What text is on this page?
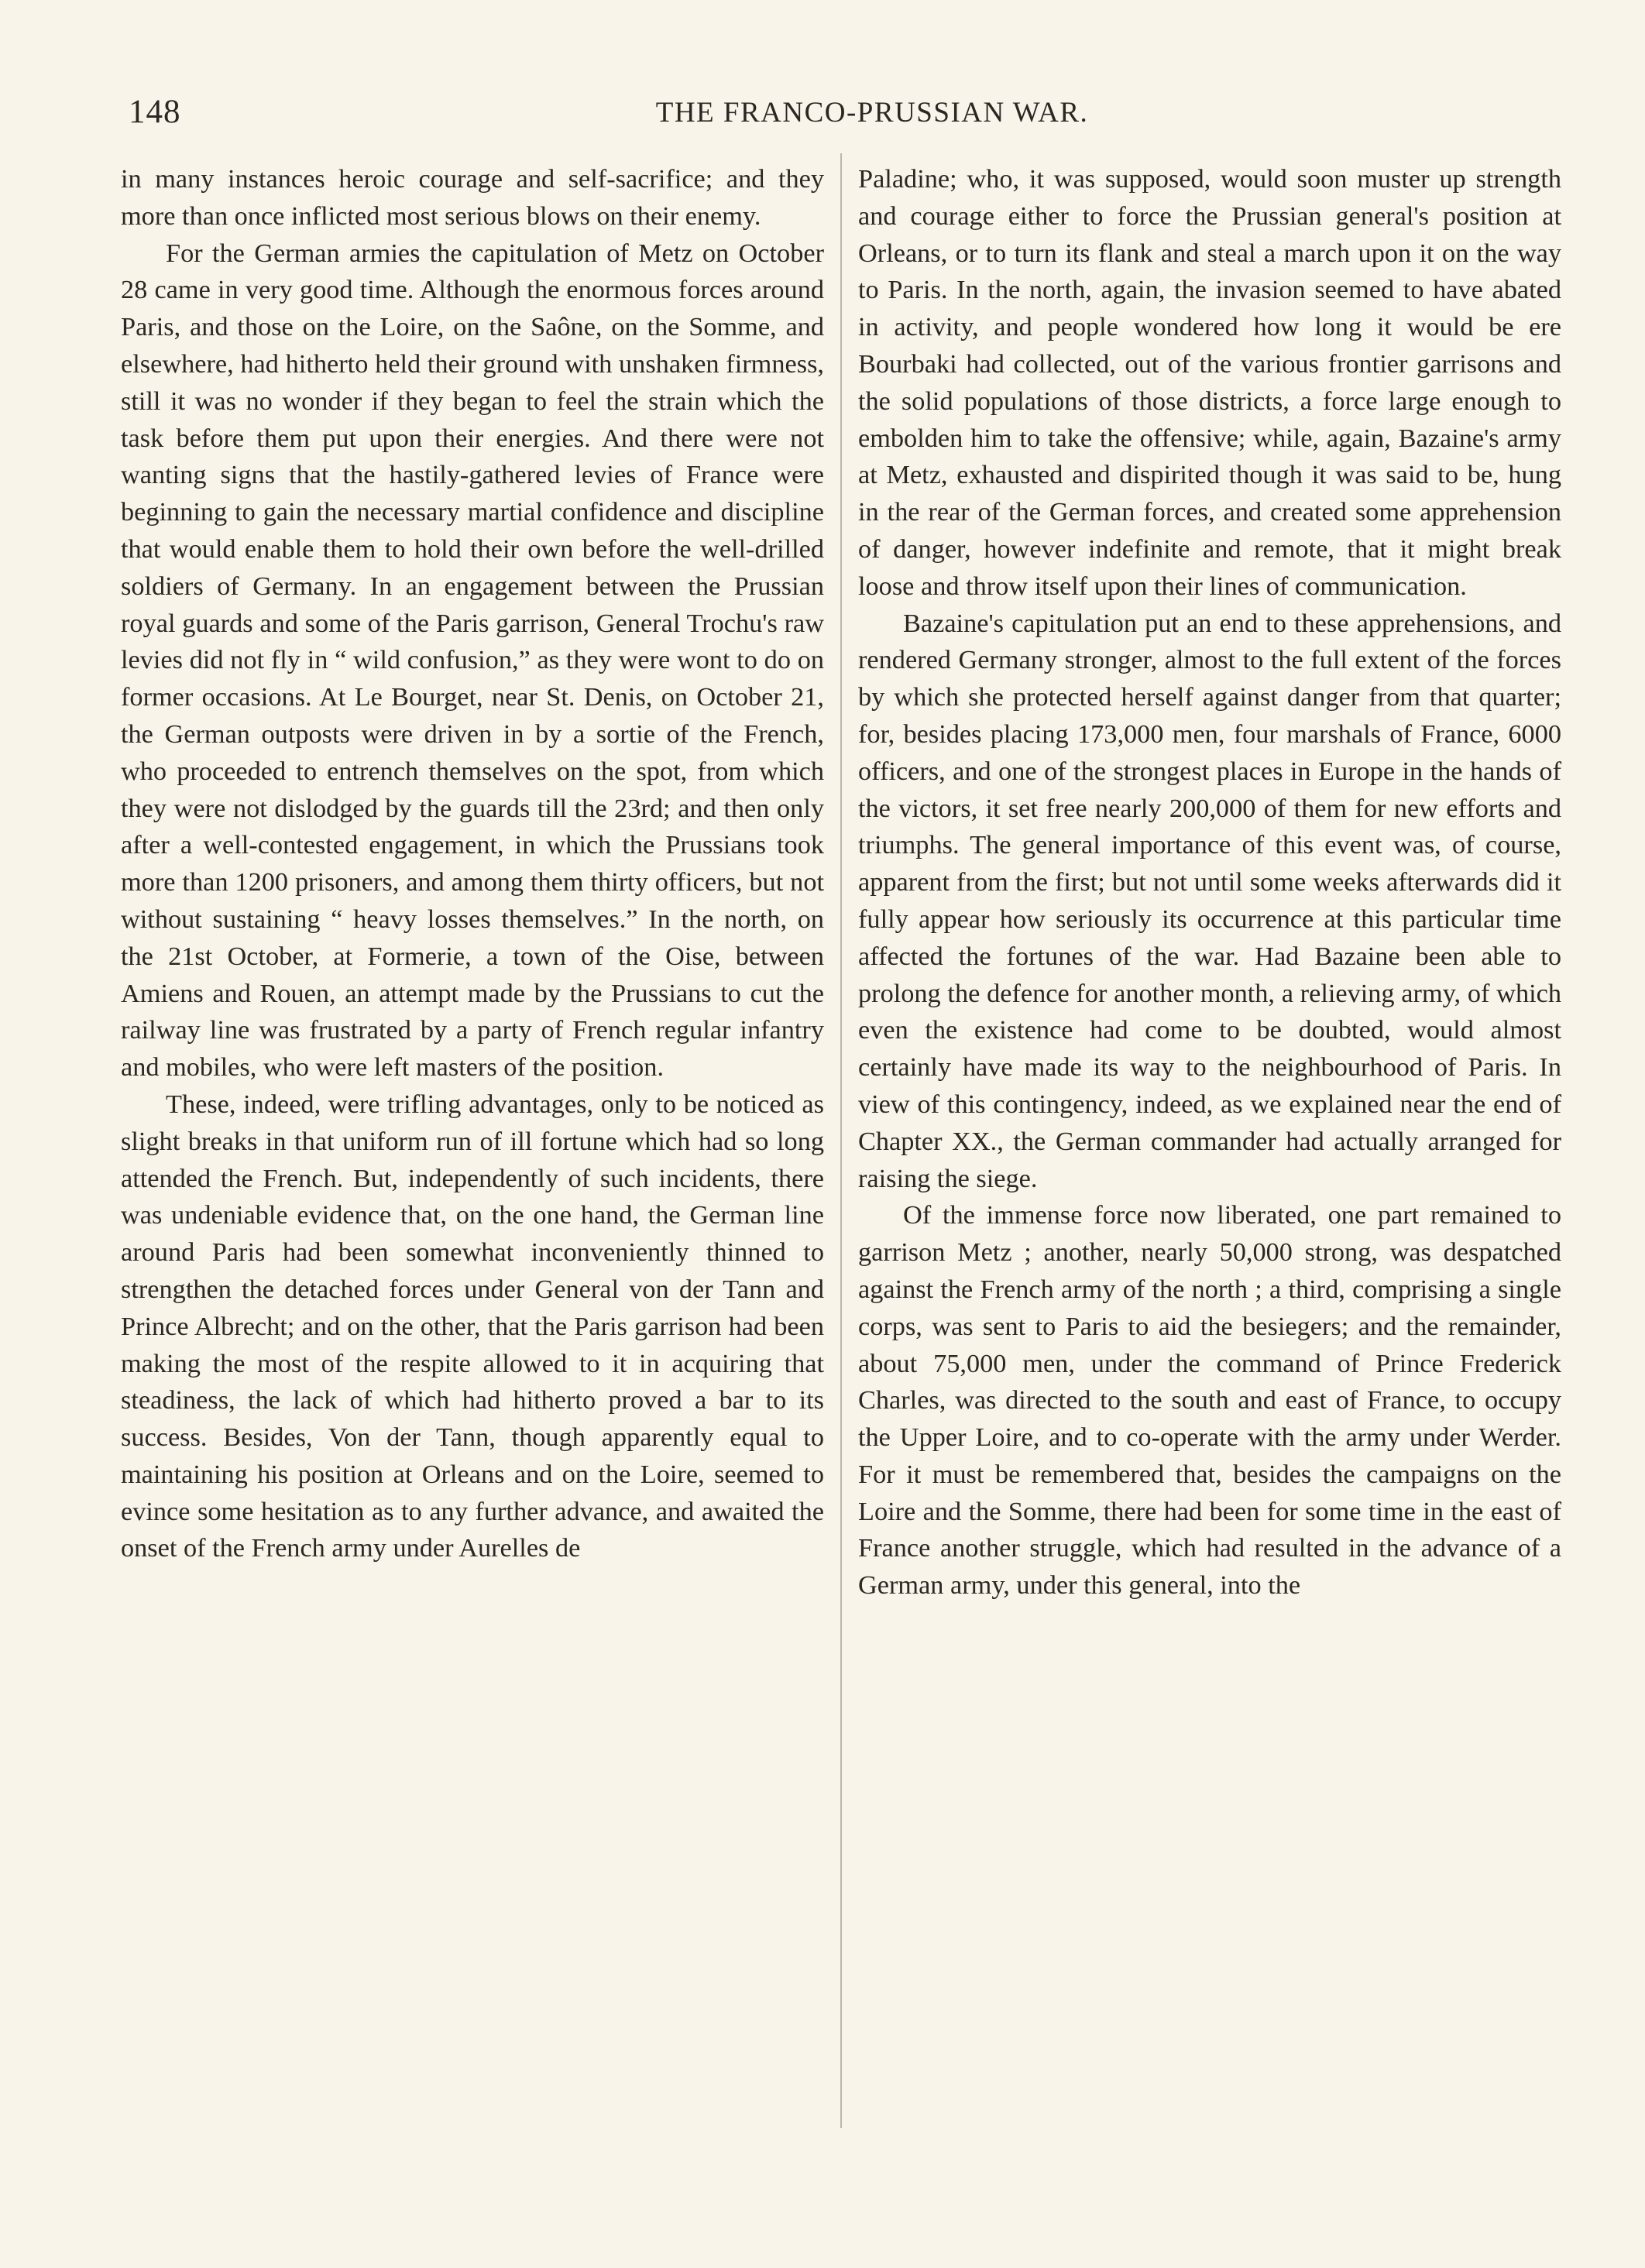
148	THE FRANCO-PRUSSIAN WAR.

in many instances heroic courage and self-sacrifice; and they more than once inflicted most serious blows on their enemy.

For the German armies the capitulation of Metz on October 28 came in very good time. Although the enormous forces around Paris, and those on the Loire, on the Saône, on the Somme, and elsewhere, had hitherto held their ground with unshaken firmness, still it was no wonder if they began to feel the strain which the task before them put upon their energies. And there were not wanting signs that the hastily-gathered levies of France were beginning to gain the necessary martial confidence and discipline that would enable them to hold their own before the well-drilled soldiers of Germany. In an engagement between the Prussian royal guards and some of the Paris garrison, General Trochu's raw levies did not fly in “ wild confusion,” as they were wont to do on former occasions. At Le Bourget, near St. Denis, on October 21, the German outposts were driven in by a sortie of the French, who proceeded to entrench themselves on the spot, from which they were not dislodged by the guards till the 23rd; and then only after a well-contested engagement, in which the Prussians took more than 1200 prisoners, and among them thirty officers, but not without sustaining “ heavy losses themselves.” In the north, on the 21st October, at Formerie, a town of the Oise, between Amiens and Rouen, an attempt made by the Prussians to cut the railway line was frustrated by a party of French regular infantry and mobiles, who were left masters of the position.

These, indeed, were trifling advantages, only to be noticed as slight breaks in that uniform run of ill fortune which had so long attended the French. But, independently of such incidents, there was undeniable evidence that, on the one hand, the German line around Paris had been somewhat inconveniently thinned to strengthen the detached forces under General von der Tann and Prince Albrecht; and on the other, that the Paris garrison had been making the most of the respite allowed to it in acquiring that steadiness, the lack of which had hitherto proved a bar to its success. Besides, Von der Tann, though apparently equal to maintaining his position at Orleans and on the Loire, seemed to evince some hesitation as to any further advance, and awaited the onset of the French army under Aurelles de

Paladine; who, it was supposed, would soon muster up strength and courage either to force the Prussian general's position at Orleans, or to turn its flank and steal a march upon it on the way to Paris. In the north, again, the invasion seemed to have abated in activity, and people wondered how long it would be ere Bourbaki had collected, out of the various frontier garrisons and the solid populations of those districts, a force large enough to embolden him to take the offensive; while, again, Bazaine's army at Metz, exhausted and dispirited though it was said to be, hung in the rear of the German forces, and created some apprehension of danger, however indefinite and remote, that it might break loose and throw itself upon their lines of communication.

Bazaine's capitulation put an end to these apprehensions, and rendered Germany stronger, almost to the full extent of the forces by which she protected herself against danger from that quarter; for, besides placing 173,000 men, four marshals of France, 6000 officers, and one of the strongest places in Europe in the hands of the victors, it set free nearly 200,000 of them for new efforts and triumphs. The general importance of this event was, of course, apparent from the first; but not until some weeks afterwards did it fully appear how seriously its occurrence at this particular time affected the fortunes of the war. Had Bazaine been able to prolong the defence for another month, a relieving army, of which even the existence had come to be doubted, would almost certainly have made its way to the neighbourhood of Paris. In view of this contingency, indeed, as we explained near the end of Chapter XX., the German commander had actually arranged for raising the siege.

Of the immense force now liberated, one part remained to garrison Metz ; another, nearly 50,000 strong, was despatched against the French army of the north ; a third, comprising a single corps, was sent to Paris to aid the besiegers; and the remainder, about 75,000 men, under the command of Prince Frederick Charles, was directed to the south and east of France, to occupy the Upper Loire, and to co-operate with the army under Werder. For it must be remembered that, besides the campaigns on the Loire and the Somme, there had been for some time in the east of France another struggle, which had resulted in the advance of a German army, under this general, into the
